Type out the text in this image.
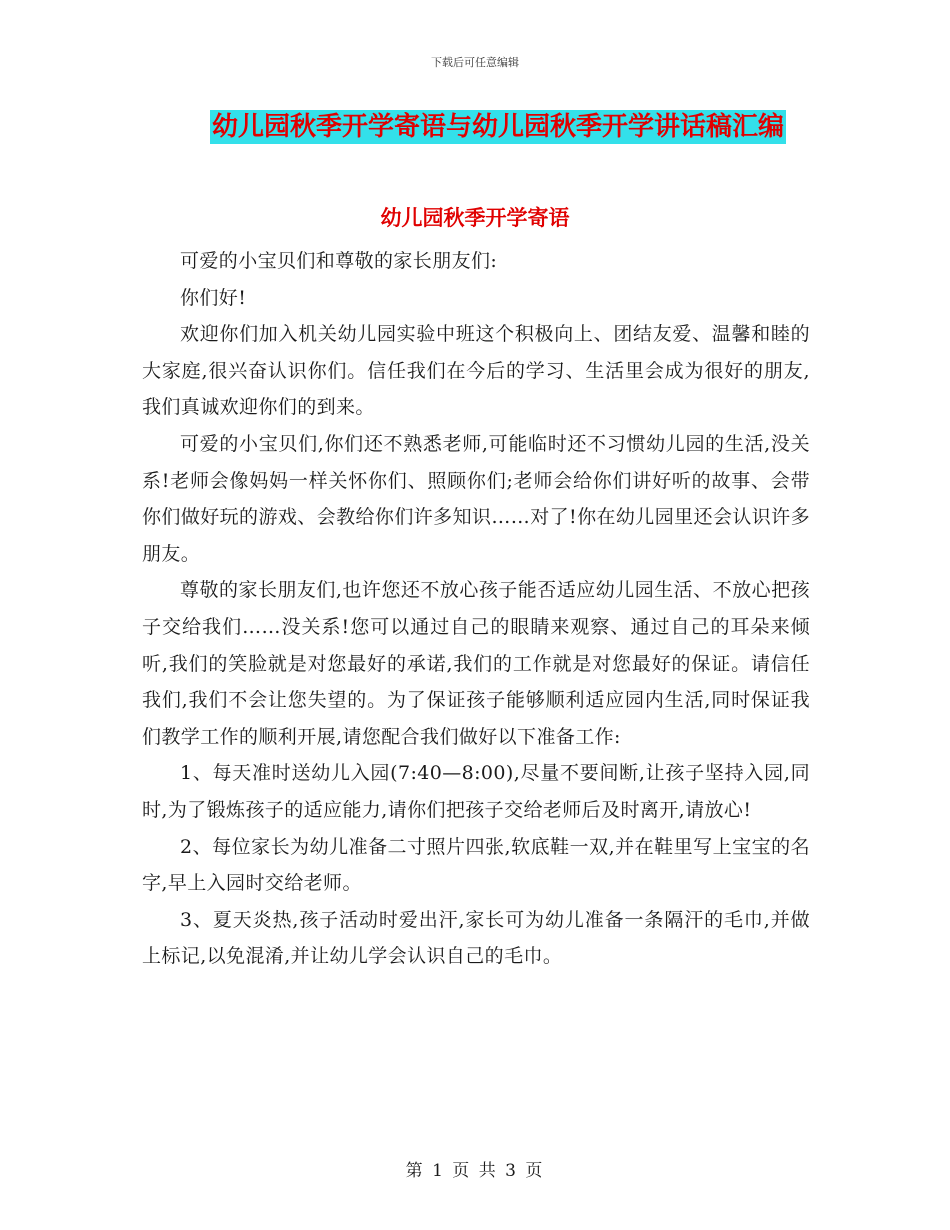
下载后可任意编辑
幼儿园秋季开学寄语与幼儿园秋季开学讲话稿汇编
幼儿园秋季开学寄语

可爱的小宝贝们和尊敬的家长朋友们:

你们好!

欢迎你们加入机关幼儿园实验中班这个积极向上、团结友爱、温馨和睦的大家庭,很兴奋认识你们。信任我们在今后的学习、生活里会成为很好的朋友,我们真诚欢迎你们的到来。

可爱的小宝贝们,你们还不熟悉老师,可能临时还不习惯幼儿园的生活,没关系!老师会像妈妈一样关怀你们、照顾你们;老师会给你们讲好听的故事、会带你们做好玩的游戏、会教给你们许多知识……对了!你在幼儿园里还会认识许多朋友。

尊敬的家长朋友们,也许您还不放心孩子能否适应幼儿园生活、不放心把孩子交给我们……没关系!您可以通过自己的眼睛来观察、通过自己的耳朵来倾听,我们的笑脸就是对您最好的承诺,我们的工作就是对您最好的保证。请信任我们,我们不会让您失望的。为了保证孩子能够顺利适应园内生活,同时保证我们教学工作的顺利开展,请您配合我们做好以下准备工作:

1、每天准时送幼儿入园(7:40—8:00),尽量不要间断,让孩子坚持入园,同时,为了锻炼孩子的适应能力,请你们把孩子交给老师后及时离开,请放心!

2、每位家长为幼儿准备二寸照片四张,软底鞋一双,并在鞋里写上宝宝的名字,早上入园时交给老师。

3、夏天炎热,孩子活动时爱出汗,家长可为幼儿准备一条隔汗的毛巾,并做上标记,以免混淆,并让幼儿学会认识自己的毛巾。

第 1 页 共 3 页
